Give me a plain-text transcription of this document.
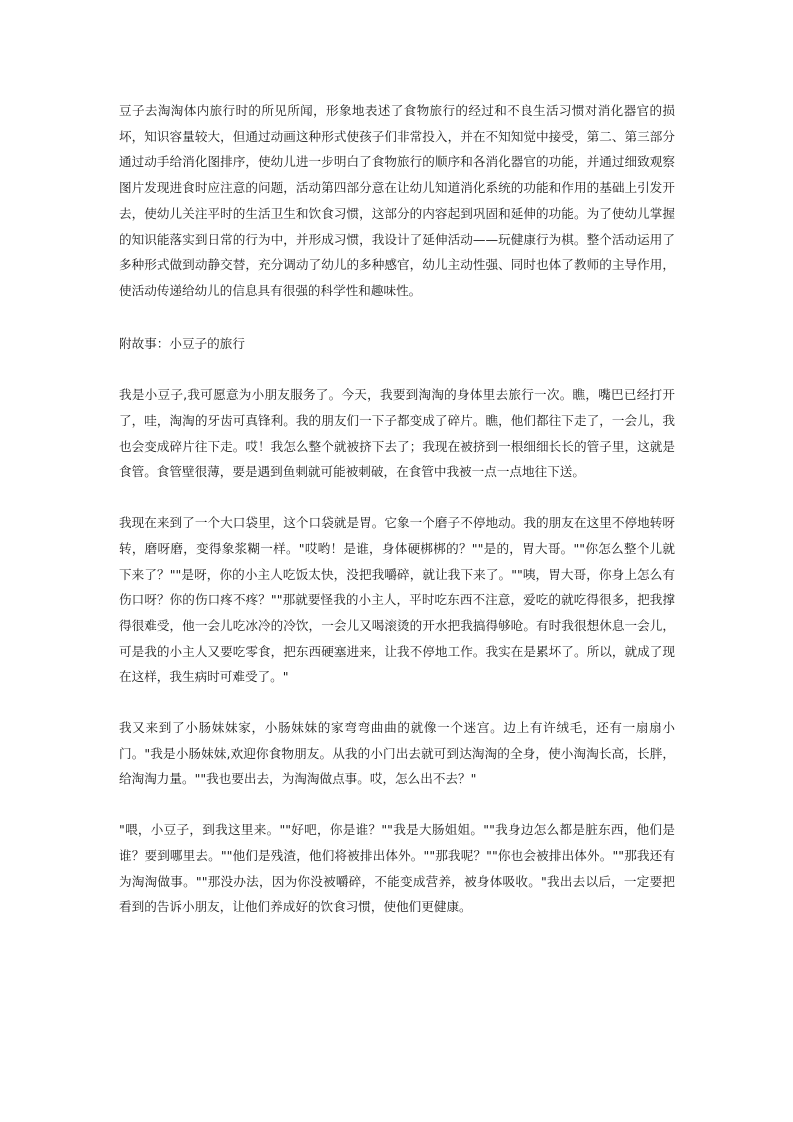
豆子去淘淘体内旅行时的所见所闻，形象地表述了食物旅行的经过和不良生活习惯对消化器官的损坏，知识容量较大，但通过动画这种形式使孩子们非常投入，并在不知知觉中接受，第二、第三部分通过动手给消化图排序，使幼儿进一步明白了食物旅行的顺序和各消化器官的功能，并通过细致观察图片发现进食时应注意的问题，活动第四部分意在让幼儿知道消化系统的功能和作用的基础上引发开去，使幼儿关注平时的生活卫生和饮食习惯，这部分的内容起到巩固和延伸的功能。为了使幼儿掌握的知识能落实到日常的行为中，并形成习惯，我设计了延伸活动——玩健康行为棋。整个活动运用了多种形式做到动静交替，充分调动了幼儿的多种感官，幼儿主动性强、同时也体了教师的主导作用，使活动传递给幼儿的信息具有很强的科学性和趣味性。

附故事：小豆子的旅行

我是小豆子,我可愿意为小朋友服务了。今天，我要到淘淘的身体里去旅行一次。瞧，嘴巴已经打开了，哇，淘淘的牙齿可真锋利。我的朋友们一下子都变成了碎片。瞧，他们都往下走了，一会儿，我也会变成碎片往下走。哎！我怎么整个就被挤下去了；我现在被挤到一根细细长长的管子里，这就是食管。食管壁很薄，要是遇到鱼刺就可能被刺破，在食管中我被一点一点地往下送。

我现在来到了一个大口袋里，这个口袋就是胃。它象一个磨子不停地动。我的朋友在这里不停地转呀转，磨呀磨，变得象浆糊一样。"哎哟！是谁，身体硬梆梆的？""是的，胃大哥。""你怎么整个儿就下来了？""是呀，你的小主人吃饭太快，没把我嚼碎，就让我下来了。""咦，胃大哥，你身上怎么有伤口呀？你的伤口疼不疼？""那就要怪我的小主人，平时吃东西不注意，爱吃的就吃得很多，把我撑得很难受，他一会儿吃冰冷的冷饮，一会儿又喝滚烫的开水把我搞得够呛。有时我很想休息一会儿，可是我的小主人又要吃零食，把东西硬塞进来，让我不停地工作。我实在是累坏了。所以，就成了现在这样，我生病时可难受了。"

我又来到了小肠妹妹家，小肠妹妹的家弯弯曲曲的就像一个迷宫。边上有许绒毛，还有一扇扇小门。"我是小肠妹妹,欢迎你食物朋友。从我的小门出去就可到达淘淘的全身，使小淘淘长高，长胖，给淘淘力量。""我也要出去，为淘淘做点事。哎，怎么出不去？"

"喂，小豆子，到我这里来。""好吧，你是谁？""我是大肠姐姐。""我身边怎么都是脏东西，他们是谁？要到哪里去。""他们是残渣，他们将被排出体外。""那我呢？""你也会被排出体外。""那我还有为淘淘做事。""那没办法，因为你没被嚼碎，不能变成营养，被身体吸收。"我出去以后，一定要把看到的告诉小朋友，让他们养成好的饮食习惯，使他们更健康。
